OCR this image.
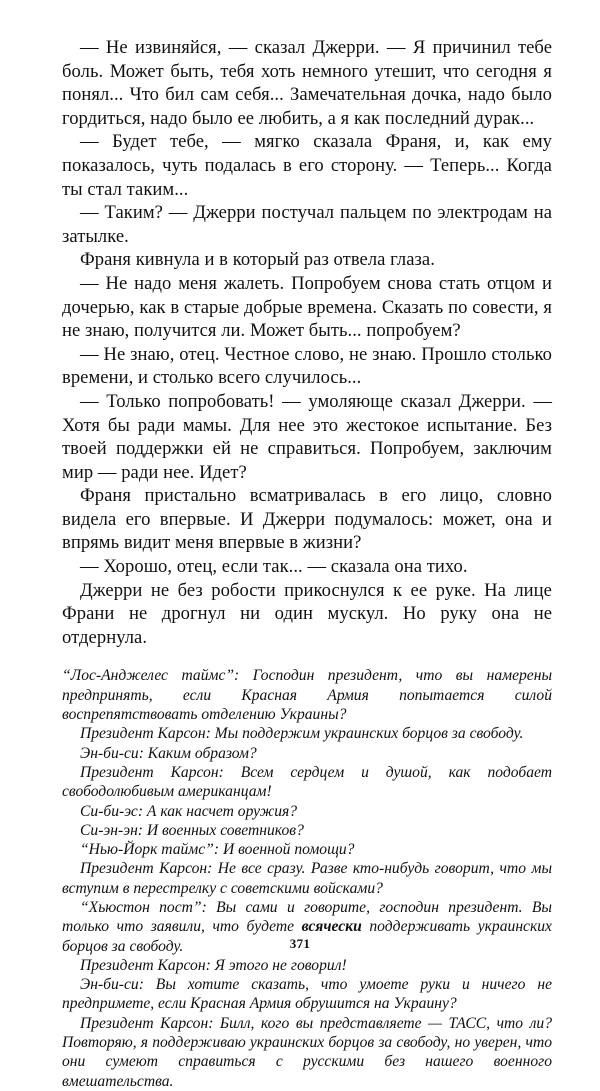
— Не извиняйся, — сказал Джерри. — Я причинил тебе боль. Может быть, тебя хоть немного утешит, что сегодня я понял... Что бил сам себя... Замечательная дочка, надо было гордиться, надо было ее любить, а я как последний дурак...

— Будет тебе, — мягко сказала Франя, и, как ему показалось, чуть подалась в его сторону. — Теперь... Когда ты стал таким...

— Таким? — Джерри постучал пальцем по электродам на затылке.

Франя кивнула и в который раз отвела глаза.

— Не надо меня жалеть. Попробуем снова стать отцом и дочерью, как в старые добрые времена. Сказать по совести, я не знаю, получится ли. Может быть... попробуем?

— Не знаю, отец. Честное слово, не знаю. Прошло столько времени, и столько всего случилось...

— Только попробовать! — умоляюще сказал Джерри. — Хотя бы ради мамы. Для нее это жестокое испытание. Без твоей поддержки ей не справиться. Попробуем, заключим мир — ради нее. Идет?

Франя пристально всматривалась в его лицо, словно видела его впервые. И Джерри подумалось: может, она и впрямь видит меня впервые в жизни?

— Хорошо, отец, если так... — сказала она тихо.

Джерри не без робости прикоснулся к ее руке. На лице Франи не дрогнул ни один мускул. Но руку она не отдернула.

“Лос-Анджелес таймс”: Господин президент, что вы намерены предпринять, если Красная Армия попытается силой воспрепятствовать отделению Украины?

Президент Карсон: Мы поддержим украинских борцов за свободу.

Эн-би-си: Каким образом?

Президент Карсон: Всем сердцем и душой, как подобает свободолюбивым американцам!

Си-би-эс: А как насчет оружия?

Си-эн-эн: И военных советников?

“Нью-Йорк таймс”: И военной помощи?

Президент Карсон: Не все сразу. Разве кто-нибудь говорит, что мы вступим в перестрелку с советскими войсками?

“Хьюстон пост”: Вы сами и говорите, господин президент. Вы только что заявили, что будете всячески поддерживать украинских борцов за свободу.

Президент Карсон: Я этого не говорил!

Эн-би-си: Вы хотите сказать, что умоете руки и ничего не предпримете, если Красная Армия обрушится на Украину?

Президент Карсон: Билл, кого вы представляете — ТАСС, что ли? Повторяю, я поддерживаю украинских борцов за свободу, но уверен, что они сумеют справиться с русскими без нашего военного вмешательства.

371
